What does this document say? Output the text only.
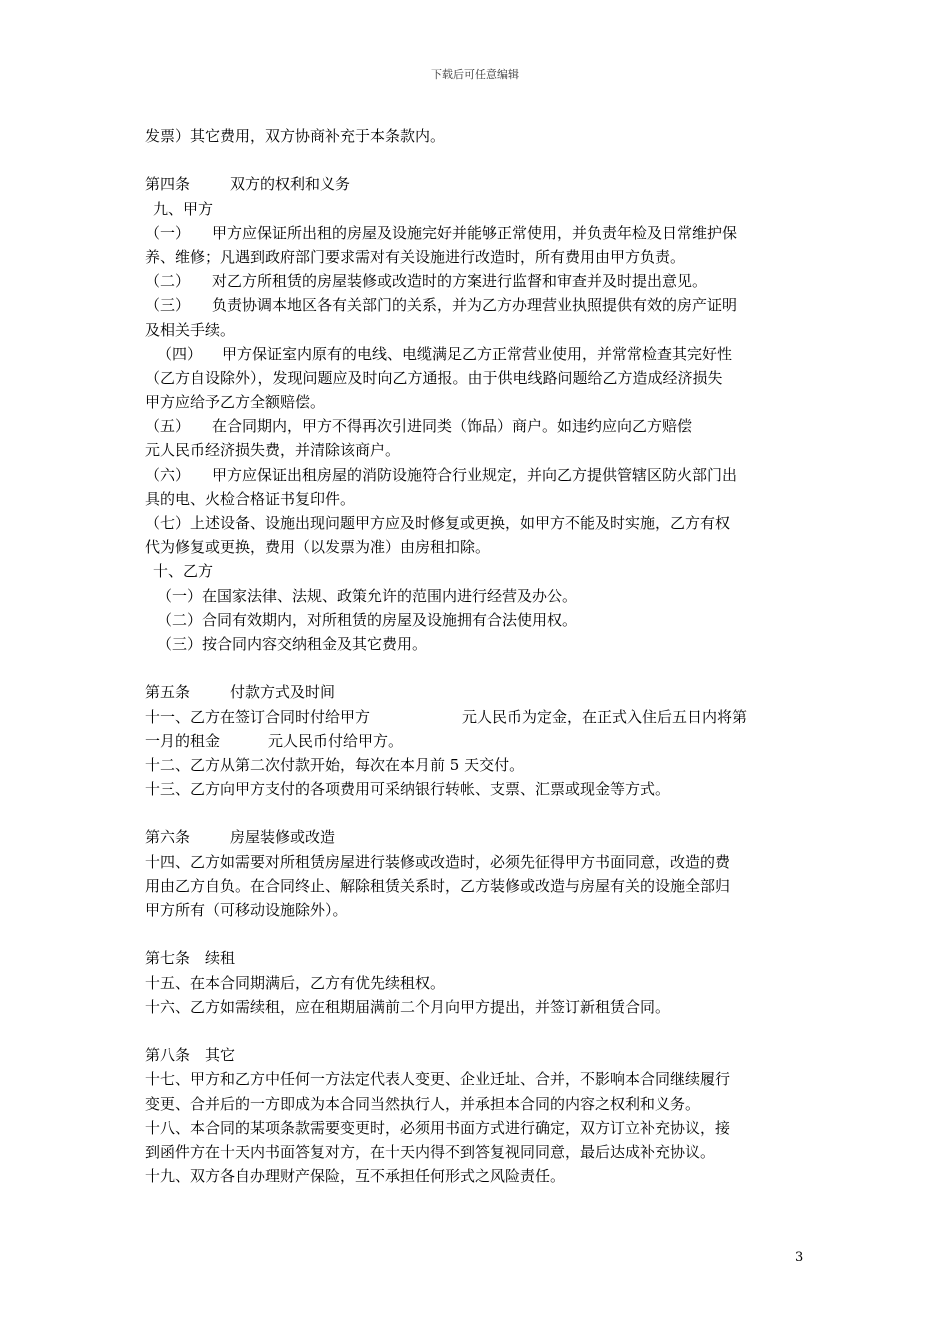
下载后可任意编辑
发票）其它费用，双方协商补充于本条款内。
第四条	双方的权利和义务
九、甲方
（一） 甲方应保证所出租的房屋及设施完好并能够正常使用，并负责年检及日常维护保
养、维修；凡遇到政府部门要求需对有关设施进行改造时，所有费用由甲方负责。
（二） 对乙方所租赁的房屋装修或改造时的方案进行监督和审查并及时提出意见。
（三） 负责协调本地区各有关部门的关系，并为乙方办理营业执照提供有效的房产证明
及相关手续。
（四） 甲方保证室内原有的电线、电缆满足乙方正常营业使用，并常常检查其完好性
（乙方自设除外），发现问题应及时向乙方通报。由于供电线路问题给乙方造成经济损失
甲方应给予乙方全额赔偿。
（五） 在合同期内，甲方不得再次引进同类（饰品）商户。如违约应向乙方赔偿
元人民币经济损失费，并清除该商户。
（六） 甲方应保证出租房屋的消防设施符合行业规定，并向乙方提供管辖区防火部门出
具的电、火检合格证书复印件。
（七）上述设备、设施出现问题甲方应及时修复或更换，如甲方不能及时实施，乙方有权
代为修复或更换，费用（以发票为准）由房租扣除。
十、乙方
（一）在国家法律、法规、政策允许的范围内进行经营及办公。
（二）合同有效期内，对所租赁的房屋及设施拥有合法使用权。
（三）按合同内容交纳租金及其它费用。
第五条	付款方式及时间
十一、乙方在签订合同时付给甲方	元人民币为定金，在正式入住后五日内将第
一月的租金	元人民币付给甲方。
十二、乙方从第二次付款开始，每次在本月前 5 天交付。
十三、乙方向甲方支付的各项费用可采纳银行转帐、支票、汇票或现金等方式。
第六条	房屋装修或改造
十四、乙方如需要对所租赁房屋进行装修或改造时，必须先征得甲方书面同意，改造的费
用由乙方自负。在合同终止、解除租赁关系时，乙方装修或改造与房屋有关的设施全部归
甲方所有（可移动设施除外）。
第七条 续租
十五、在本合同期满后，乙方有优先续租权。
十六、乙方如需续租，应在租期届满前二个月向甲方提出，并签订新租赁合同。
第八条 其它
十七、甲方和乙方中任何一方法定代表人变更、企业迁址、合并，不影响本合同继续履行
变更、合并后的一方即成为本合同当然执行人，并承担本合同的内容之权利和义务。
十八、本合同的某项条款需要变更时，必须用书面方式进行确定，双方订立补充协议，接
到函件方在十天内书面答复对方，在十天内得不到答复视同同意，最后达成补充协议。
十九、双方各自办理财产保险，互不承担任何形式之风险责任。
3
